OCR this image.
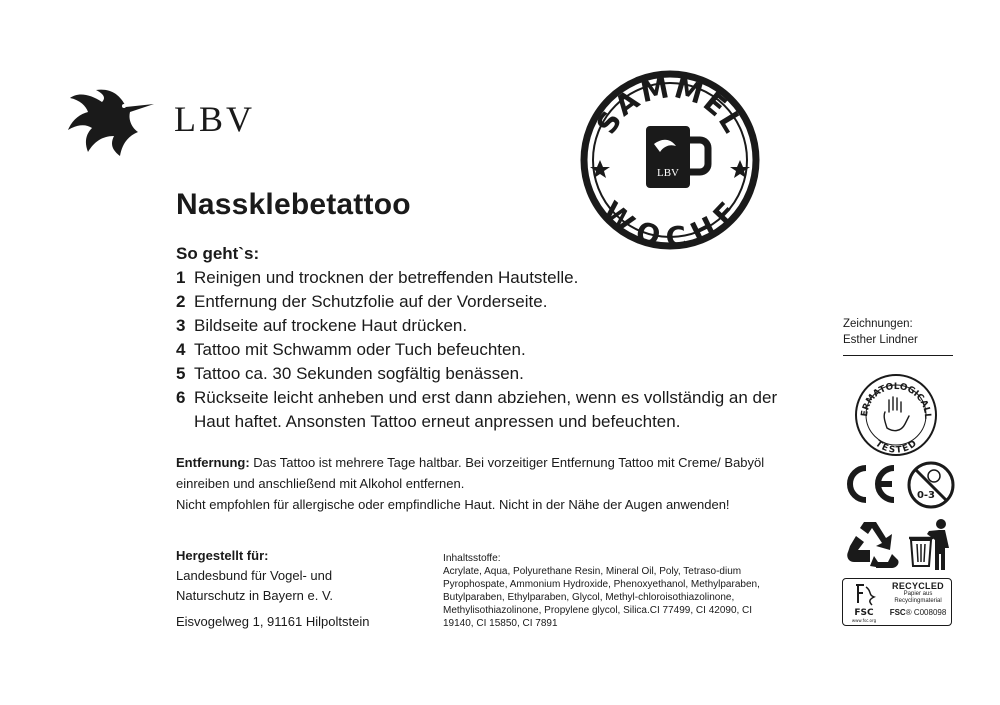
LBV	SAMMEL
WOCHE
LBV
Nassklebetattoo
So geht`s:
1 Reinigen und trocknen der betreffenden Hautstelle.
2 Entfernung der Schutzfolie auf der Vorderseite.
3 Bildseite auf trockene Haut drücken.
4 Tattoo mit Schwamm oder Tuch befeuchten.
5 Tattoo ca. 30 Sekunden sogfältig benässen.
6 Rückseite leicht anheben und erst dann abziehen, wenn es vollständig an der Haut haftet. Ansonsten Tattoo erneut anpressen und befeuchten.
Entfernung: Das Tattoo ist mehrere Tage haltbar. Bei vorzeitiger Entfernung Tattoo mit Creme/ Babyöl einreiben und anschließend mit Alkohol entfernen.
Nicht empfohlen für allergische oder empfindliche Haut. Nicht in der Nähe der Augen anwenden!
Hergestellt für:
Landesbund für Vogel- und
Naturschutz in Bayern e. V.
Eisvogelweg 1, 91161 Hilpoltstein
Inhaltsstoffe:
Acrylate, Aqua, Polyurethane Resin, Mineral Oil, Poly, Tetraso-dium Pyrophospate, Ammonium Hydroxide, Phenoxyethanol, Methylparaben, Butylparaben, Ethylparaben, Glycol, Methyl-chloroisothiazolinone, Methylisothiazolinone, Propylene glycol, Silica.CI 77499, CI 42090, CI 19140, CI 15850, CI 7891
Zeichnungen:
Esther Lindner
ERMATOLOGICALL
TESTED
0-3
FSC
www.fsc.org
RECYCLED
Papier aus
Recyclingmaterial
FSC® C008098
